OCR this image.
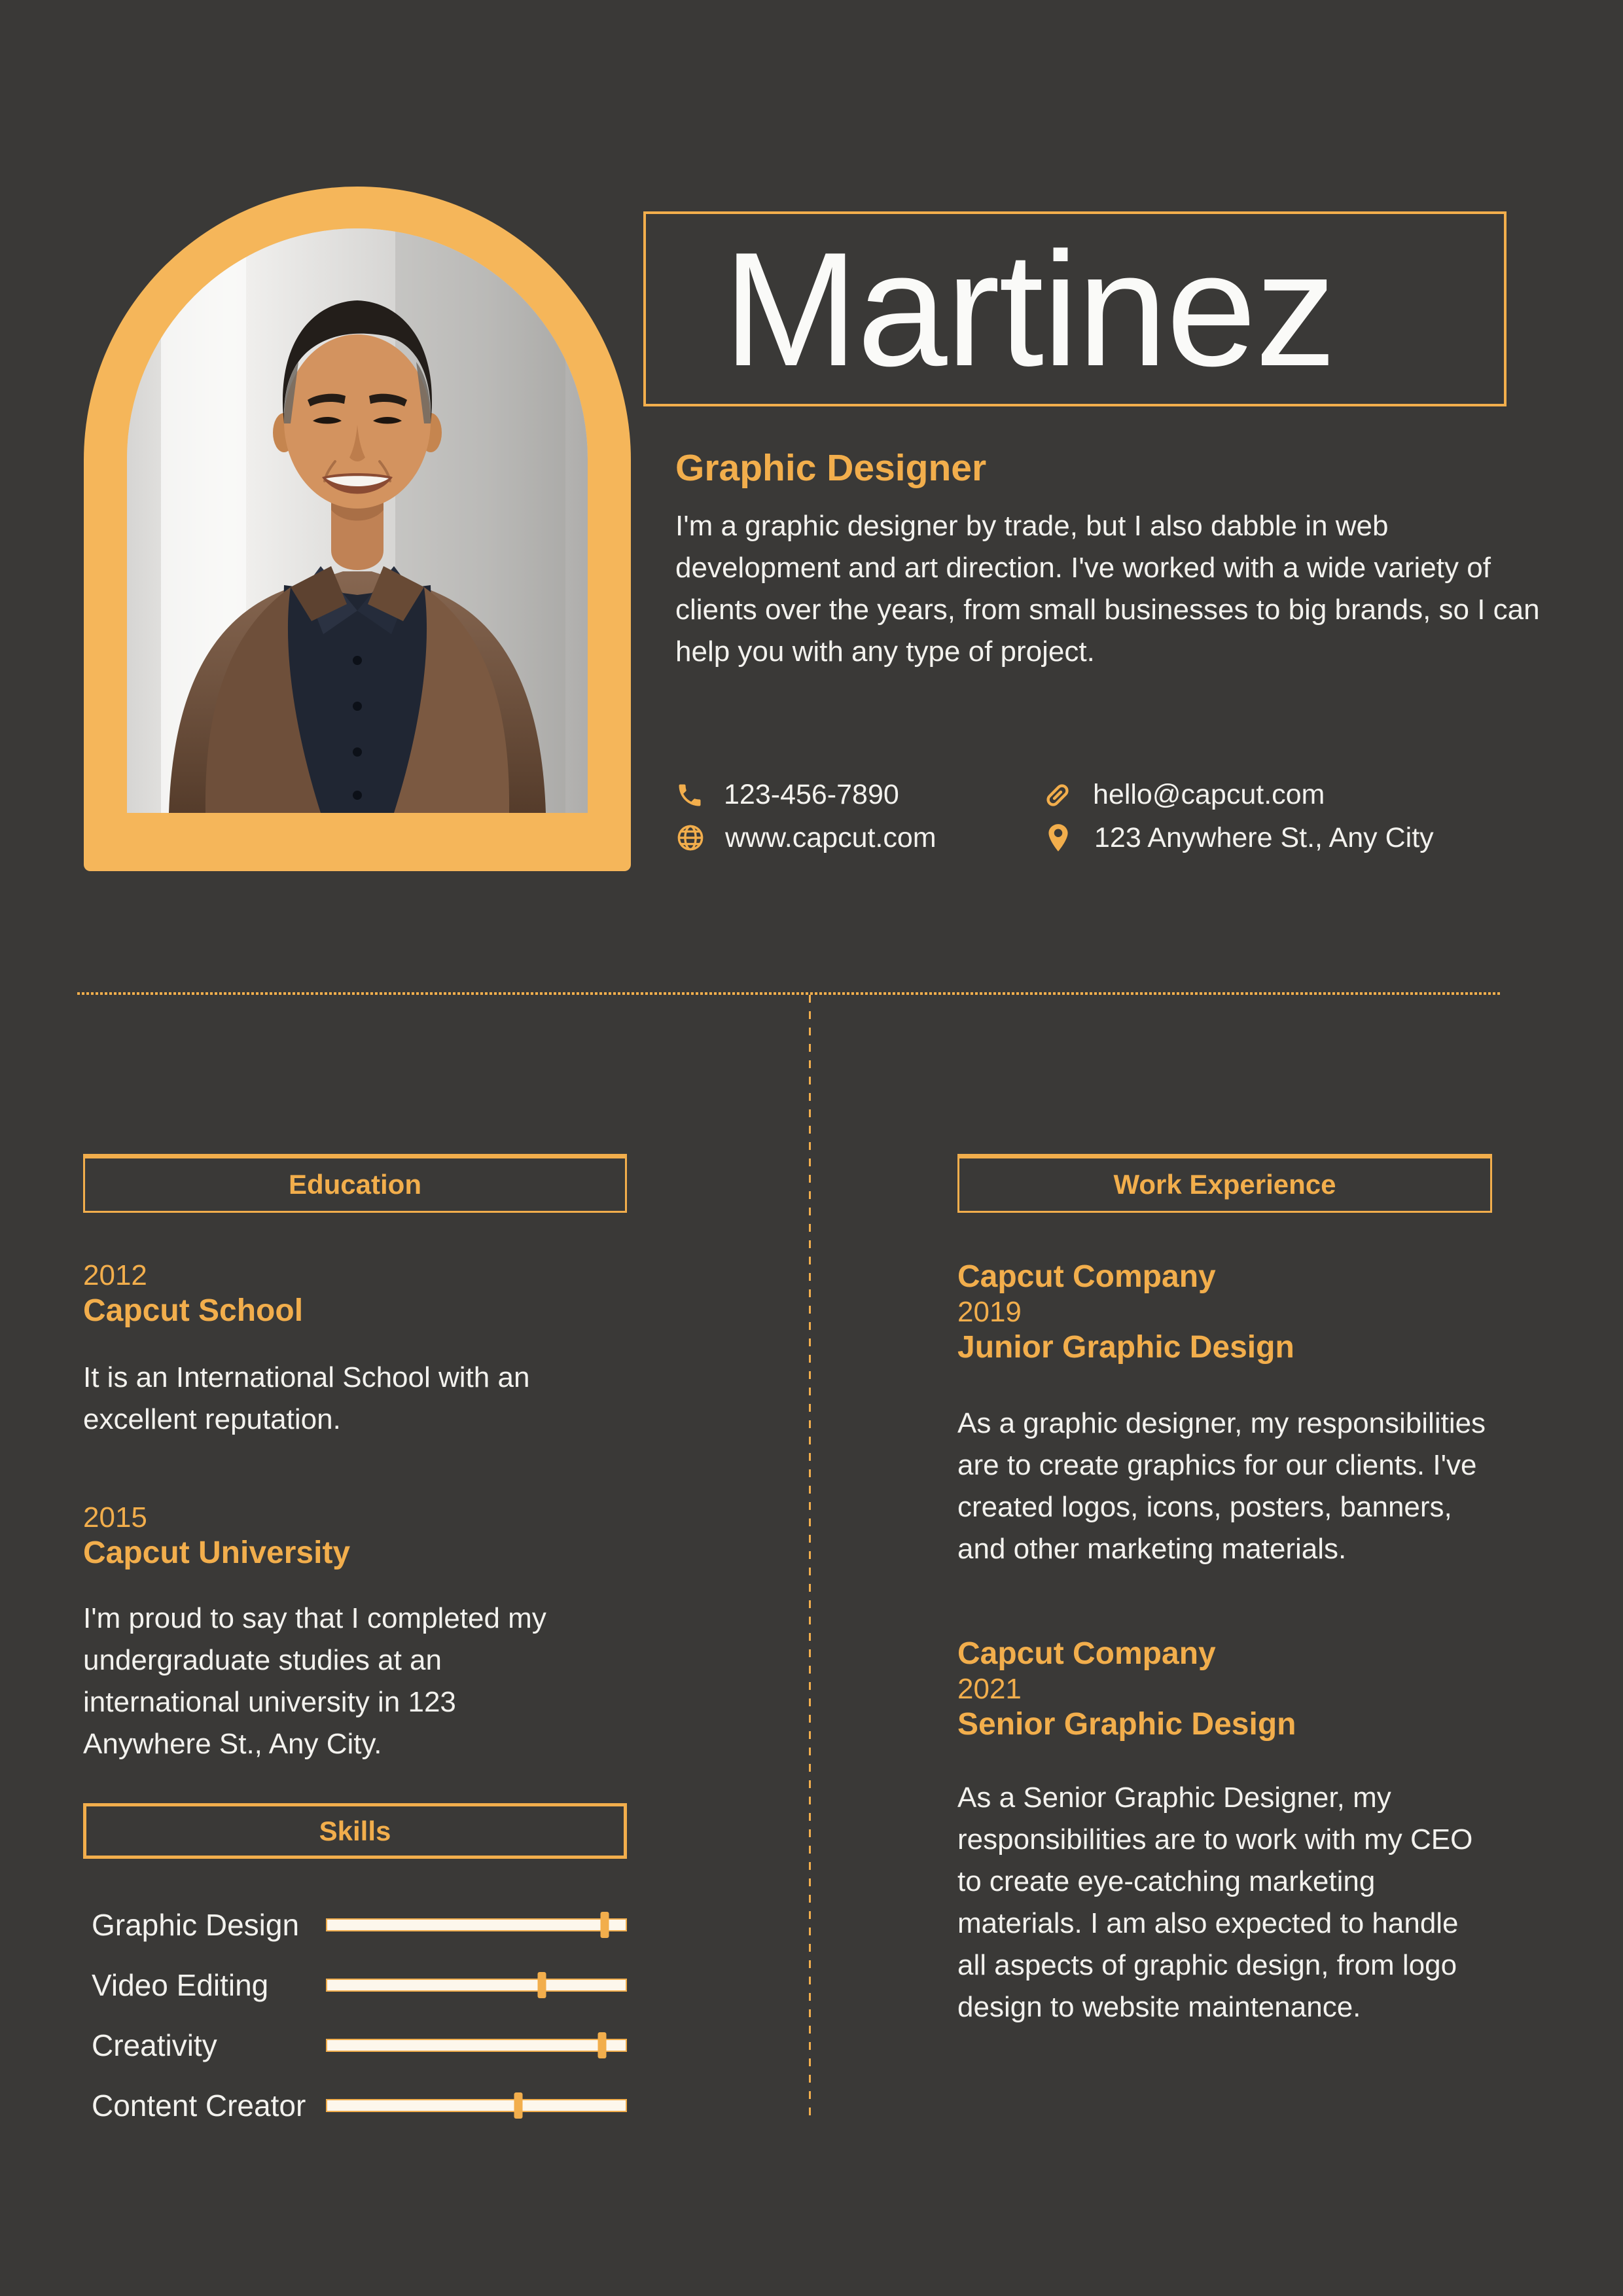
Martinez
Graphic Designer
I'm a graphic designer by trade, but I also dabble in web development and art direction. I've worked with a wide variety of clients over the years, from small businesses to big brands, so I can help you with any type of project.
123-456-7890	hello@capcut.com
www.capcut.com	123 Anywhere St., Any City
Education
2012
Capcut School
It is an International School with an excellent reputation.
2015
Capcut University
I'm proud to say that I completed my undergraduate studies at an international university in 123 Anywhere St., Any City.
Skills
Graphic Design
Video Editing
Creativity
Content Creator
Work Experience
Capcut Company
2019
Junior Graphic Design
As a graphic designer, my responsibilities are to create graphics for our clients. I've created logos, icons, posters, banners, and other marketing materials.
Capcut Company
2021
Senior Graphic Design
As a Senior Graphic Designer, my responsibilities are to work with my CEO to create eye-catching marketing materials. I am also expected to handle all aspects of graphic design, from logo design to website maintenance.
